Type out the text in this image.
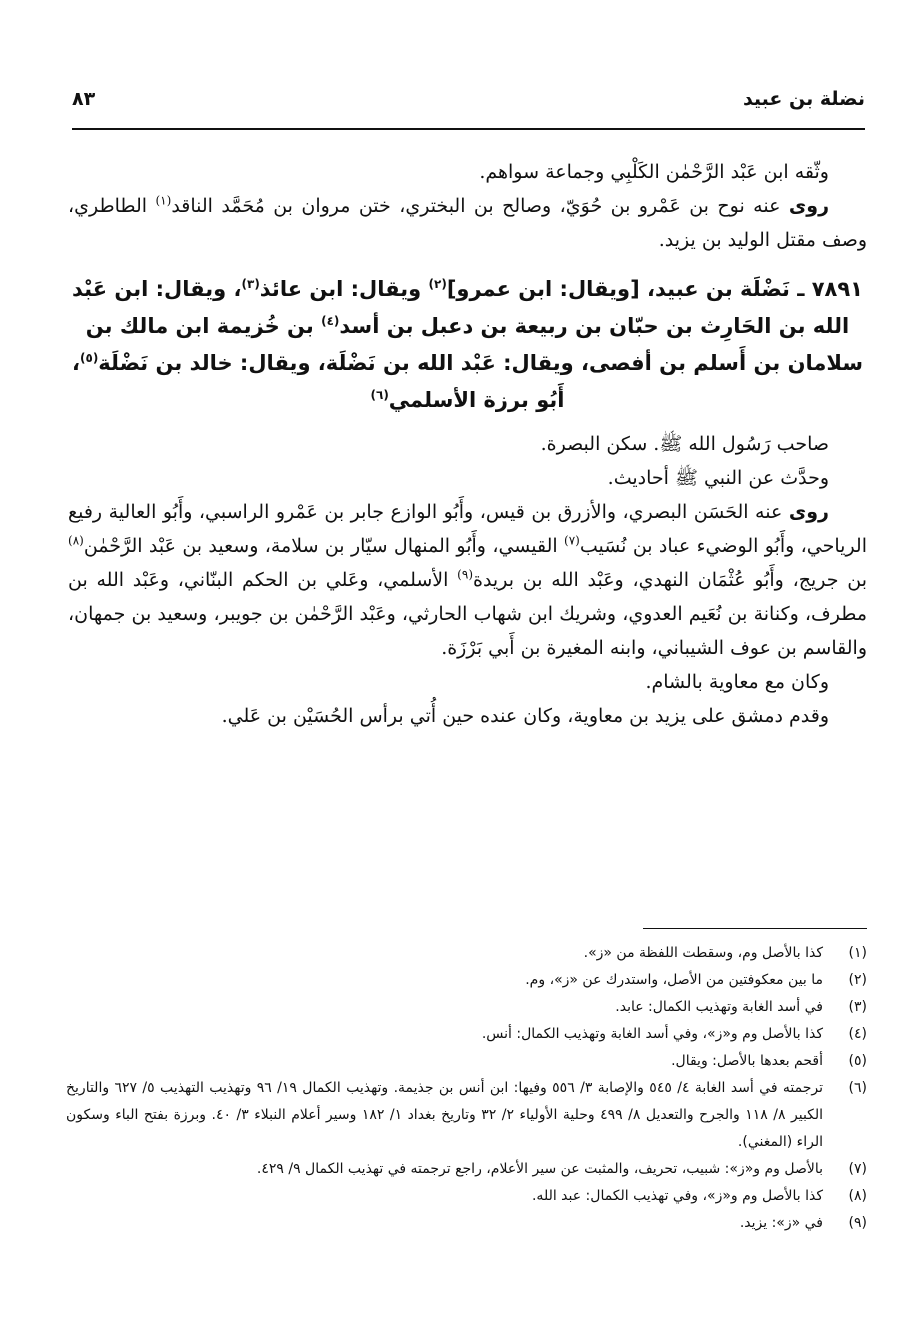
نضلة بن عبيد
٨٣

وثّقه ابن عَبْد الرَّحْمٰن الكَلْبِي وجماعة سواهم.

روى عنه نوح بن عَمْرو بن حُوَيّ، وصالح بن البختري، ختن مروان بن مُحَمَّد الناقد$^{(١)}$ الطاطري، وصف مقتل الوليد بن يزيد.

٧٨٩١ ـ نَضْلَة بن عبيد، [ويقال: ابن عمرو]$^{(٢)}$ ويقال: ابن عائذ$^{(٣)}$، ويقال: ابن عَبْد الله بن الحَارِث بن حبّان بن ربيعة بن دعبل بن أسد$^{(٤)}$ بن خُزيمة ابن مالك بن سلامان بن أَسلم بن أفصى، ويقال: عَبْد الله بن نَضْلَة، ويقال: خالد بن نَضْلَة$^{(٥)}$، أَبُو برزة الأسلمي$^{(٦)}$

صاحب رَسُول الله ﷺ. سكن البصرة.

وحدَّث عن النبي ﷺ أحاديث.

روى عنه الحَسَن البصري، والأزرق بن قيس، وأَبُو الوازع جابر بن عَمْرو الراسبي، وأَبُو العالية رفيع الرياحي، وأَبُو الوضيء عباد بن نُسَيب$^{(٧)}$ القيسي، وأَبُو المنهال سيّار بن سلامة، وسعيد بن عَبْد الرَّحْمٰن$^{(٨)}$ بن جريج، وأَبُو عُثْمَان النهدي، وعَبْد الله بن بريدة$^{(٩)}$ الأسلمي، وعَلي بن الحكم البنّاني، وعَبْد الله بن مطرف، وكنانة بن نُعَيم العدوي، وشريك ابن شهاب الحارثي، وعَبْد الرَّحْمٰن بن جويبر، وسعيد بن جمهان، والقاسم بن عوف الشيباني، وابنه المغيرة بن أَبي بَرْزَة.

وكان مع معاوية بالشام.

وقدم دمشق على يزيد بن معاوية، وكان عنده حين أُتي برأس الحُسَيْن بن عَلي.

(١)
كذا بالأصل وم، وسقطت اللفظة من «ز».
(٢)
ما بين معكوفتين من الأصل، واستدرك عن «ز»، وم.
(٣)
في أسد الغابة وتهذيب الكمال: عابد.
(٤)
كذا بالأصل وم و«ز»، وفي أسد الغابة وتهذيب الكمال: أنس.
(٥)
أقحم بعدها بالأصل: ويقال.
(٦)
ترجمته في أسد الغابة ٤/ ٥٤٥ والإصابة ٣/ ٥٥٦ وفيها: ابن أنس بن جذيمة. وتهذيب الكمال ١٩/ ٩٦ وتهذيب التهذيب ٥/ ٦٢٧ والتاريخ الكبير ٨/ ١١٨ والجرح والتعديل ٨/ ٤٩٩ وحلية الأولياء ٢/ ٣٢ وتاريخ بغداد ١/ ١٨٢ وسير أعلام النبلاء ٣/ ٤٠. وبرزة بفتح الباء وسكون الراء (المغني).
(٧)
بالأصل وم و«ز»: شبيب، تحريف، والمثبت عن سير الأعلام، راجع ترجمته في تهذيب الكمال ٩/ ٤٢٩.
(٨)
كذا بالأصل وم و«ز»، وفي تهذيب الكمال: عبد الله.
(٩)
في «ز»: يزيد.
